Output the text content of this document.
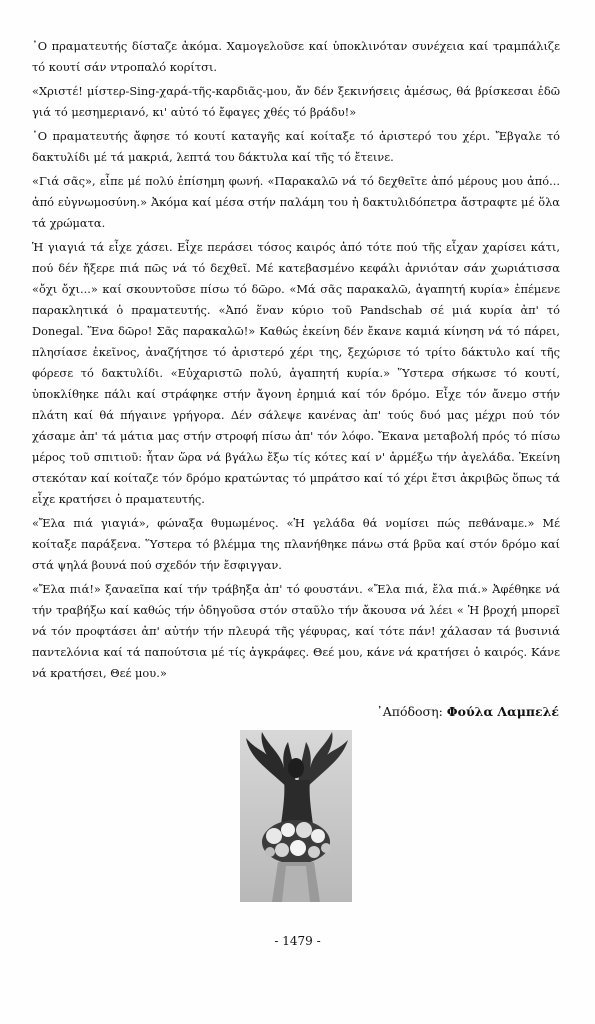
᾿Ο πραματευτής δίσταζε ἀκόμα. Χαμογελοῦσε καί ὑποκλινόταν συνέχεια καί τραμπάλιζε τό κουτί σάν ντροπαλό κορίτσι.

«Χριστέ! μίστερ-Sing-χαρά-τῆς-καρδιᾶς-μου, ἄν δέν ξεκινήσεις ἀμέσως, θά βρίσκεσαι ἐδῶ γιά τό μεσημεριανό, κι' αὐτό τό ἔφαγες χθές τό βράδυ!»

᾿Ο πραματευτής ἄφησε τό κουτί καταγῆς καί κοίταξε τό ἀριστερό του χέρι. Ἔβγαλε τό δακτυλίδι μέ τά μακριά, λεπτά του δάκτυλα καί τῆς τό ἔτεινε.

«Γιά σᾶς», εἶπε μέ πολύ ἐπίσημη φωνή. «Παρακαλῶ νά τό δεχθεῖτε ἀπό μέρους μου ἀπό... ἀπό εὐγνωμοσύνη.» Ἀκόμα καί μέσα στήν παλάμη του ἡ δακτυλιδόπετρα ἄστραφτε μέ ὅλα τά χρώματα.

Ἡ γιαγιά τά εἶχε χάσει. Εἶχε περάσει τόσος καιρός ἀπό τότε πού τῆς εἶχαν χαρίσει κάτι, πού δέν ἤξερε πιά πῶς νά τό δεχθεῖ. Μέ κατεβασμένο κεφάλι ἀρνιόταν σάν χωριάτισσα «ὄχι ὄχι...» καί σκουντοῦσε πίσω τό δῶρο. «Μά σᾶς παρακαλῶ, ἀγαπητή κυρία» ἐπέμενε παρακλητικά ὁ πραματευτής. «Ἀπό ἕναν κύριο τοῦ Pandschab σέ μιά κυρία ἀπ' τό Donegal. Ἕνα δῶρο! Σᾶς παρακαλῶ!» Καθώς ἐκείνη δέν ἔκανε καμιά κίνηση νά τό πάρει, πλησίασε ἐκεῖνος, ἀναζήτησε τό ἀριστερό χέρι της, ξεχώρισε τό τρίτο δάκτυλο καί τῆς φόρεσε τό δακτυλίδι. «Εὐχαριστῶ πολύ, ἀγαπητή κυρία.» Ὕστερα σήκωσε τό κουτί, ὑποκλίθηκε πάλι καί στράφηκε στήν ἄγονη ἐρημιά καί τόν δρόμο. Εἶχε τόν ἄνεμο στήν πλάτη καί θά πήγαινε γρήγορα. Δέν σάλεψε κανένας ἀπ' τούς δυό μας μέχρι πού τόν χάσαμε ἀπ' τά μάτια μας στήν στροφή πίσω ἀπ' τόν λόφο. Ἔκανα μεταβολή πρός τό πίσω μέρος τοῦ σπιτιοῦ: ἦταν ὥρα νά βγάλω ἔξω τίς κότες καί ν' ἀρμέξω τήν ἀγελάδα. Ἐκείνη στεκόταν καί κοίταζε τόν δρόμο κρατώντας τό μπράτσο καί τό χέρι ἔτσι ἀκριβῶς ὅπως τά εἶχε κρατήσει ὁ πραματευτής.

«Ἔλα πιά γιαγιά», φώναξα θυμωμένος. «Ἡ γελάδα θά νομίσει πώς πεθάναμε.» Μέ κοίταξε παράξενα. Ὕστερα τό βλέμμα της πλανήθηκε πάνω στά βρῦα καί στόν δρόμο καί στά ψηλά βουνά πού σχεδόν τήν ἔσφιγγαν.

«Ἔλα πιά!» ξαναεῖπα καί τήν τράβηξα ἀπ' τό φουστάνι. «Ἔλα πιά, ἔλα πιά.» Ἀφέθηκε νά τήν τραβήξω καί καθώς τήν ὁδηγοῦσα στόν σταῦλο τήν ἄκουσα νά λέει « Ἡ βροχή μπορεῖ νά τόν προφτάσει ἀπ' αὐτήν τήν πλευρά τῆς γέφυρας, καί τότε πάν! χάλασαν τά βυσινιά παντελόνια καί τά παπούτσια μέ τίς ἀγκράφες. Θεέ μου, κάνε νά κρατήσει ὁ καιρός. Κάνε νά κρατήσει, Θεέ μου.»

᾿Απόδοση: Φούλα Λαμπελέ
- 1479 -
